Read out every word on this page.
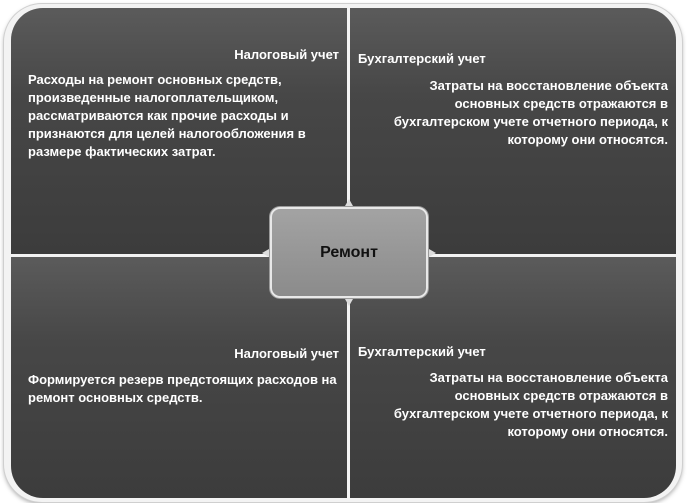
Налоговый учет
Расходы на ремонт основных средств, произведенные налогоплательщиком, рассматриваются как прочие расходы и признаются для целей налогообложения в размере фактических затрат.
Бухгалтерский учет
Затраты на восстановление объекта основных средств отражаются в бухгалтерском учете отчетного периода, к которому они относятся.
Налоговый учет
Формируется резерв предстоящих расходов на ремонт основных средств.
Бухгалтерский учет
Затраты на восстановление объекта основных средств отражаются в бухгалтерском учете отчетного периода, к которому они относятся.
Ремонт
